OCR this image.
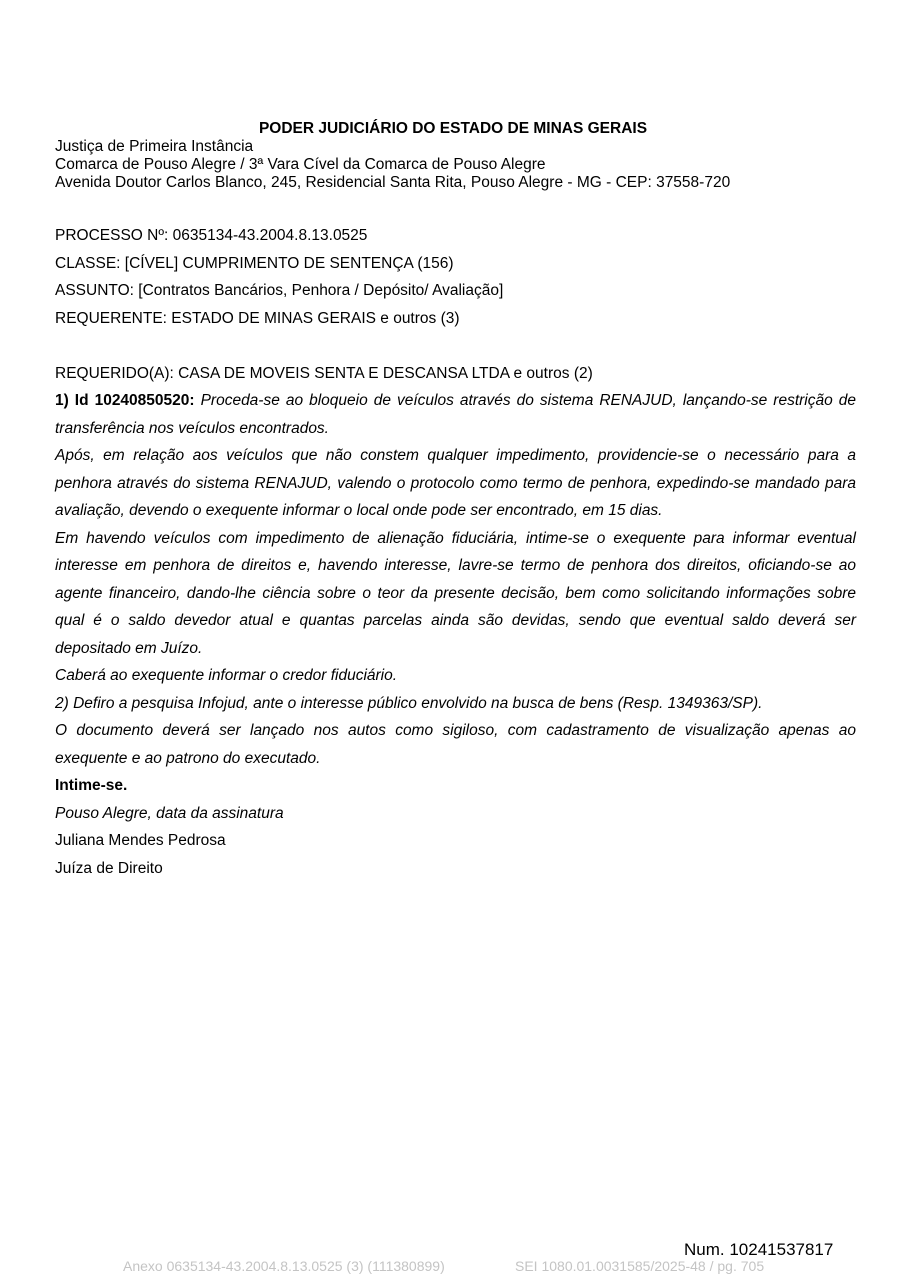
PODER JUDICIÁRIO DO ESTADO DE MINAS GERAIS
Justiça de Primeira Instância
Comarca de Pouso Alegre / 3ª Vara Cível da Comarca de Pouso Alegre
Avenida Doutor Carlos Blanco, 245, Residencial Santa Rita, Pouso Alegre - MG - CEP: 37558-720
PROCESSO Nº: 0635134-43.2004.8.13.0525
CLASSE: [CÍVEL] CUMPRIMENTO DE SENTENÇA (156)
ASSUNTO: [Contratos Bancários, Penhora / Depósito/ Avaliação]
REQUERENTE: ESTADO DE MINAS GERAIS e outros (3)
REQUERIDO(A): CASA DE MOVEIS SENTA E DESCANSA LTDA e outros (2)

1) Id 10240850520: Proceda-se ao bloqueio de veículos através do sistema RENAJUD, lançando-se restrição de transferência nos veículos encontrados.

Após, em relação aos veículos que não constem qualquer impedimento, providencie-se o necessário para a penhora através do sistema RENAJUD, valendo o protocolo como termo de penhora, expedindo-se mandado para avaliação, devendo o exequente informar o local onde pode ser encontrado, em 15 dias.

Em havendo veículos com impedimento de alienação fiduciária, intime-se o exequente para informar eventual interesse em penhora de direitos e, havendo interesse, lavre-se termo de penhora dos direitos, oficiando-se ao agente financeiro, dando-lhe ciência sobre o teor da presente decisão, bem como solicitando informações sobre qual é o saldo devedor atual e quantas parcelas ainda são devidas, sendo que eventual saldo deverá ser depositado em Juízo.

Caberá ao exequente informar o credor fiduciário.

2) Defiro a pesquisa Infojud, ante o interesse público envolvido na busca de bens (Resp. 1349363/SP).

O documento deverá ser lançado nos autos como sigiloso, com cadastramento de visualização apenas ao exequente e ao patrono do executado.

Intime-se.

Pouso Alegre, data da assinatura

Juliana Mendes Pedrosa

Juíza de Direito

Num. 10241537817
Anexo 0635134-43.2004.8.13.0525 (3) (111380899)	SEI 1080.01.0031585/2025-48 / pg. 705
